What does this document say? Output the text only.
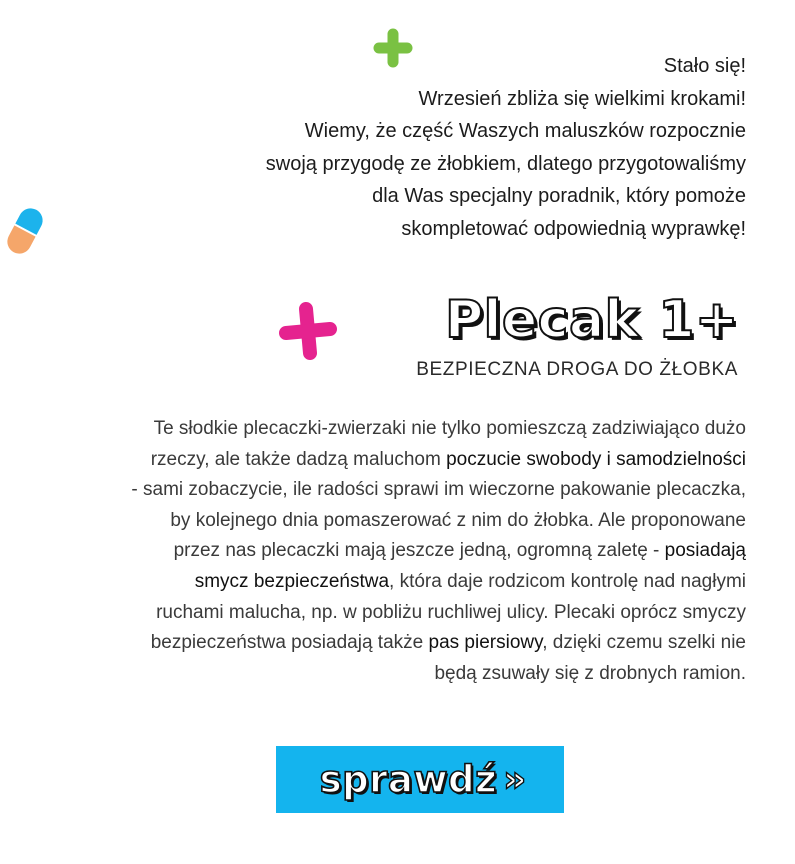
Stało się!
Wrzesień zbliża się wielkimi krokami!
Wiemy, że część Waszych maluszków rozpocznie
swoją przygodę ze żłobkiem, dlatego przygotowaliśmy
dla Was specjalny poradnik, który pomoże
skompletować odpowiednią wyprawkę!
Plecak 1+
BEZPIECZNA DROGA DO ŻŁOBKA
Te słodkie plecaczki-zwierzaki nie tylko pomieszczą zadziwiająco dużo
rzeczy, ale także dadzą maluchom poczucie swobody i samodzielności
- sami zobaczycie, ile radości sprawi im wieczorne pakowanie plecaczka,
by kolejnego dnia pomaszerować z nim do żłobka. Ale proponowane
przez nas plecaczki mają jeszcze jedną, ogromną zaletę - posiadają
smycz bezpieczeństwa, która daje rodzicom kontrolę nad nagłymi
ruchami malucha, np. w pobliżu ruchliwej ulicy. Plecaki oprócz smyczy
bezpieczeństwa posiadają także pas piersiowy, dzięki czemu szelki nie
będą zsuwały się z drobnych ramion.
sprawdź »
